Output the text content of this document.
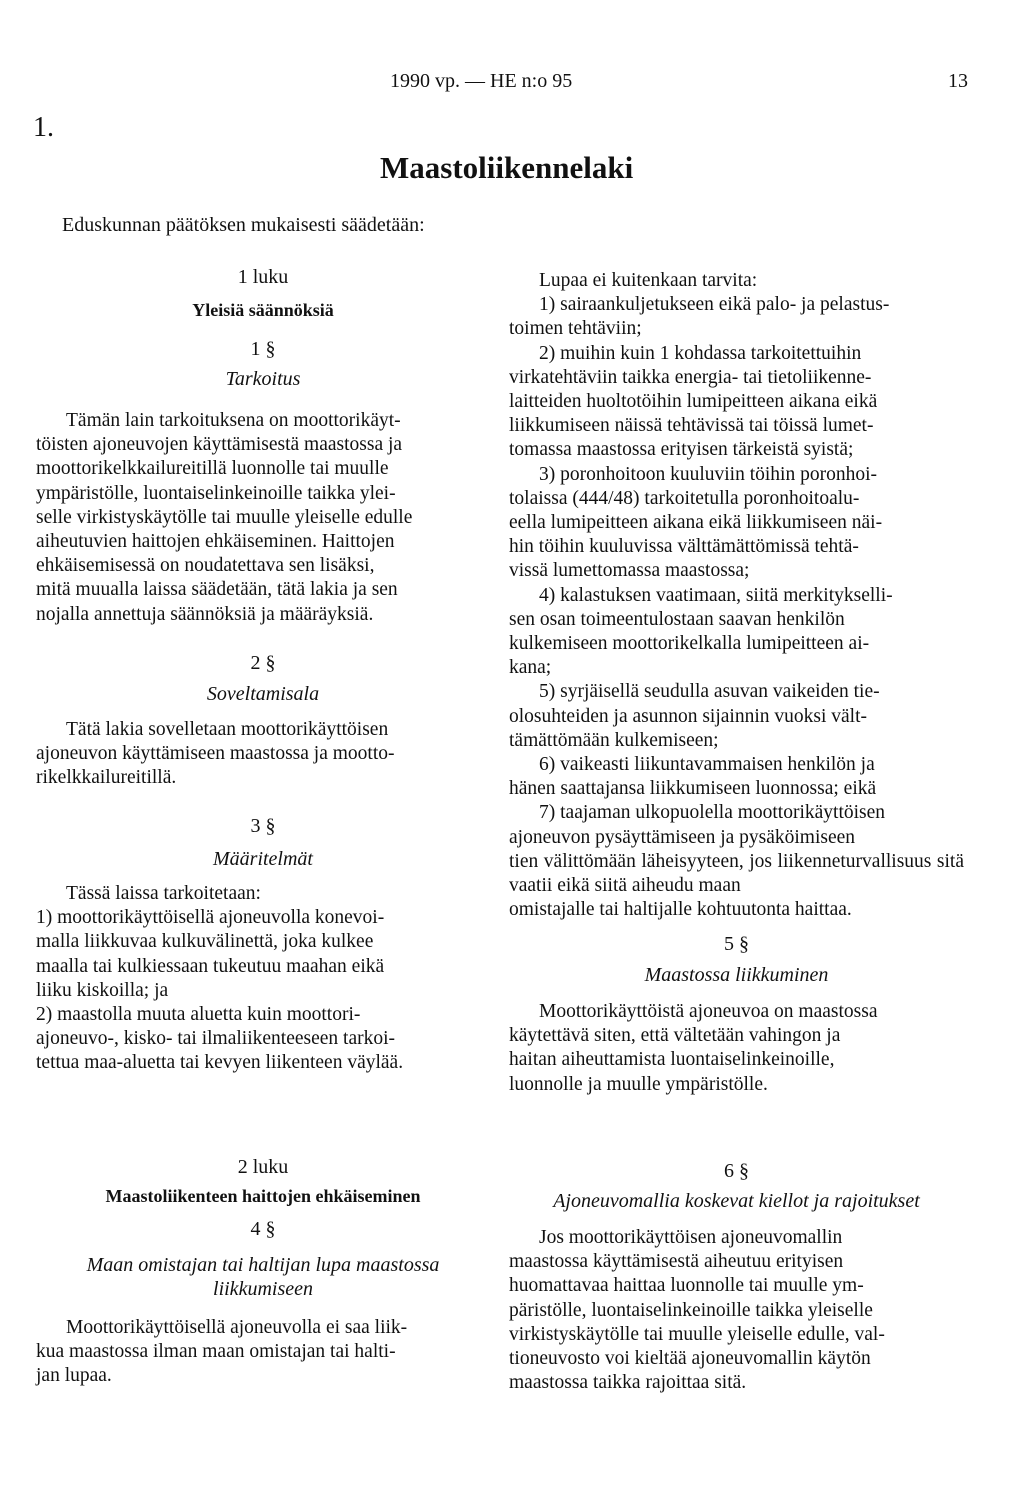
1990 vp. — HE n:o 95	13
1.
Maastoliikennelaki
Eduskunnan päätöksen mukaisesti säädetään:
1 luku
Yleisiä säännöksiä
1 §
Tarkoitus

Tämän lain tarkoituksena on moottorikäyt-

töisten ajoneuvojen käyttämisestä maastossa ja

moottorikelkkailureitillä luonnolle tai muulle

ympäristölle, luontaiselinkeinoille taikka ylei-

selle virkistyskäytölle tai muulle yleiselle edulle

aiheutuvien haittojen ehkäiseminen. Haittojen

ehkäisemisessä on noudatettava sen lisäksi,

mitä muualla laissa säädetään, tätä lakia ja sen

nojalla annettuja säännöksiä ja määräyksiä.

2 §
Soveltamisala

Tätä lakia sovelletaan moottorikäyttöisen

ajoneuvon käyttämiseen maastossa ja mootto-

rikelkkailureitillä.

3 §
Määritelmät

Tässä laissa tarkoitetaan:

1) moottorikäyttöisellä ajoneuvolla konevoi-

malla liikkuvaa kulkuvälinettä, joka kulkee

maalla tai kulkiessaan tukeutuu maahan eikä

liiku kiskoilla; ja

2) maastolla muuta aluetta kuin moottori-

ajoneuvo-, kisko- tai ilmaliikenteeseen tarkoi-

tettua maa-aluetta tai kevyen liikenteen väylää.

Lupaa ei kuitenkaan tarvita:

1) sairaankuljetukseen eikä palo- ja pelastus-

toimen tehtäviin;

2) muihin kuin 1 kohdassa tarkoitettuihin

virkatehtäviin taikka energia- tai tietoliikenne-

laitteiden huoltotöihin lumipeitteen aikana eikä

liikkumiseen näissä tehtävissä tai töissä lumet-

tomassa maastossa erityisen tärkeistä syistä;

3) poronhoitoon kuuluviin töihin poronhoi-

tolaissa (444/48) tarkoitetulla poronhoitoalu-

eella lumipeitteen aikana eikä liikkumiseen näi-

hin töihin kuuluvissa välttämättömissä tehtä-

vissä lumettomassa maastossa;

4) kalastuksen vaatimaan, siitä merkitykselli-

sen osan toimeentulostaan saavan henkilön

kulkemiseen moottorikelkalla lumipeitteen ai-

kana;

5) syrjäisellä seudulla asuvan vaikeiden tie-

olosuhteiden ja asunnon sijainnin vuoksi vält-

tämättömään kulkemiseen;

6) vaikeasti liikuntavammaisen henkilön ja

hänen saattajansa liikkumiseen luonnossa; eikä

7) taajaman ulkopuolella moottorikäyttöisen

ajoneuvon pysäyttämiseen ja pysäköimiseen

tien välittömään läheisyyteen, jos liikenneturvallisuus sitä vaatii eikä siitä aiheudu maan

omistajalle tai haltijalle kohtuutonta haittaa.

5 §
Maastossa liikkuminen

Moottorikäyttöistä ajoneuvoa on maastossa

käytettävä siten, että vältetään vahingon ja

haitan aiheuttamista luontaiselinkeinoille,

luonnolle ja muulle ympäristölle.

2 luku
Maastoliikenteen haittojen ehkäiseminen
4 §
Maan omistajan tai haltijan lupa maastossa
liikkumiseen

Moottorikäyttöisellä ajoneuvolla ei saa liik-

kua maastossa ilman maan omistajan tai halti-

jan lupaa.

6 §
Ajoneuvomallia koskevat kiellot ja rajoitukset

Jos moottorikäyttöisen ajoneuvomallin

maastossa käyttämisestä aiheutuu erityisen

huomattavaa haittaa luonnolle tai muulle ym-

päristölle, luontaiselinkeinoille taikka yleiselle

virkistyskäytölle tai muulle yleiselle edulle, val-

tioneuvosto voi kieltää ajoneuvomallin käytön

maastossa taikka rajoittaa sitä.
